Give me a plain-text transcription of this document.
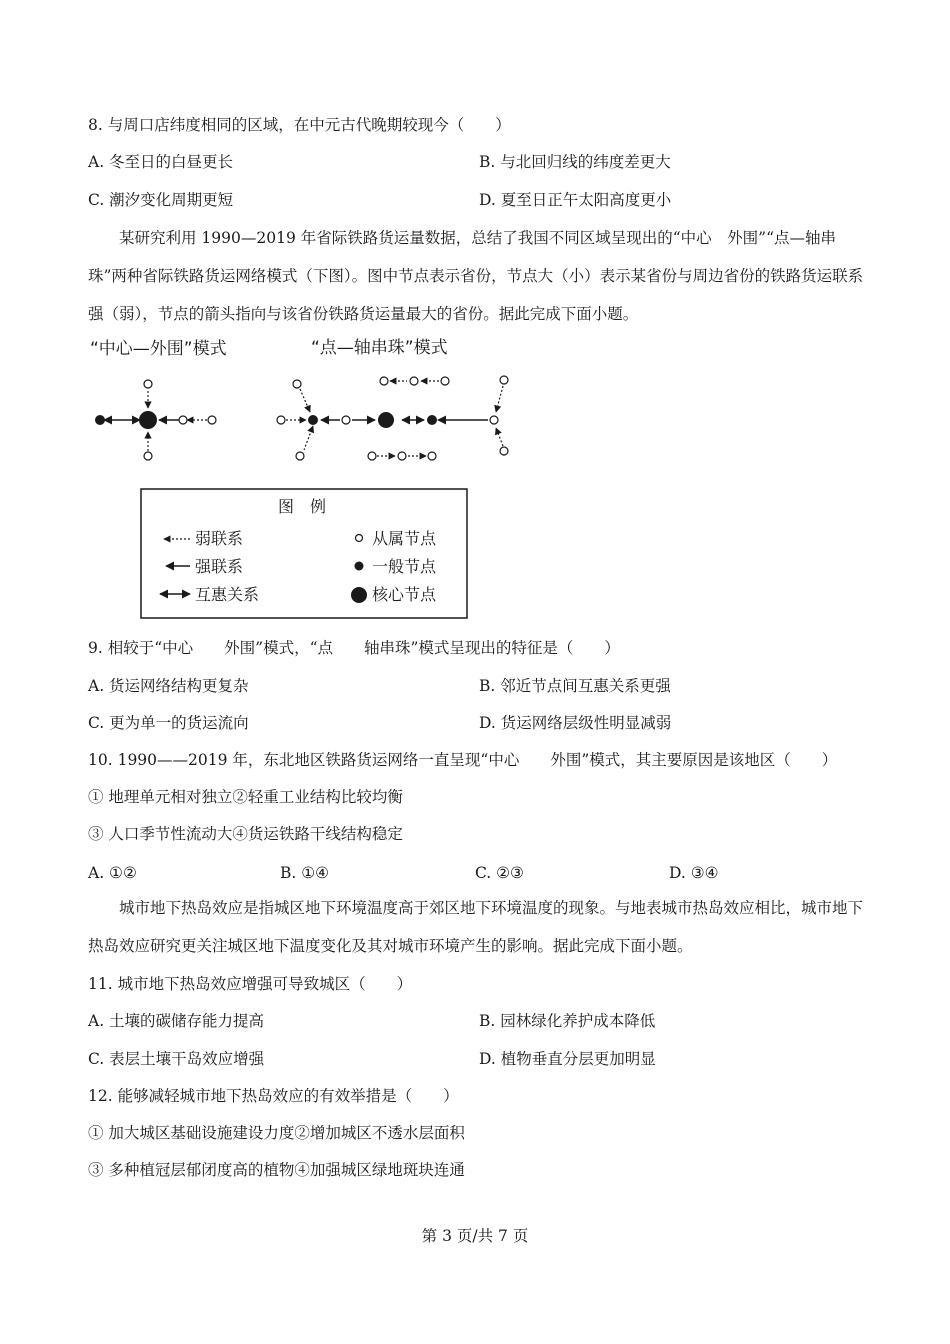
8. 与周口店纬度相同的区域，在中元古代晚期较现今（　　）
A. 冬至日的白昼更长	B. 与北回归线的纬度差更大
C. 潮汐变化周期更短	D. 夏至日正午太阳高度更小
某研究利用 1990—2019 年省际铁路货运量数据，总结了我国不同区域呈现出的“中心　外围”“点—轴串珠”两种省际铁路货运网络模式（下图）。图中节点表示省份，节点大（小）表示某省份与周边省份的铁路货运联系强（弱），节点的箭头指向与该省份铁路货运量最大的省份。据此完成下面小题。
“中心—外围”模式	“点—轴串珠”模式
图　例
弱联系
强联系
互惠关系
从属节点
一般节点
核心节点
9. 相较于“中心　　外围”模式，“点　　轴串珠”模式呈现出的特征是（　　）
A. 货运网络结构更复杂	B. 邻近节点间互惠关系更强
C. 更为单一的货运流向	D. 货运网络层级性明显减弱
10. 1990——2019 年，东北地区铁路货运网络一直呈现“中心　　外围”模式，其主要原因是该地区（　　）
① 地理单元相对独立②轻重工业结构比较均衡
③ 人口季节性流动大④货运铁路干线结构稳定
A. ①②	B. ①④	C. ②③	D. ③④
城市地下热岛效应是指城区地下环境温度高于郊区地下环境温度的现象。与地表城市热岛效应相比，城市地下热岛效应研究更关注城区地下温度变化及其对城市环境产生的影响。据此完成下面小题。
11. 城市地下热岛效应增强可导致城区（　　）
A. 土壤的碳储存能力提高	B. 园林绿化养护成本降低
C. 表层土壤干岛效应增强	D. 植物垂直分层更加明显
12. 能够减轻城市地下热岛效应的有效举措是（　　）
① 加大城区基础设施建设力度②增加城区不透水层面积
③ 多种植冠层郁闭度高的植物④加强城区绿地斑块连通
第 3 页/共 7 页
